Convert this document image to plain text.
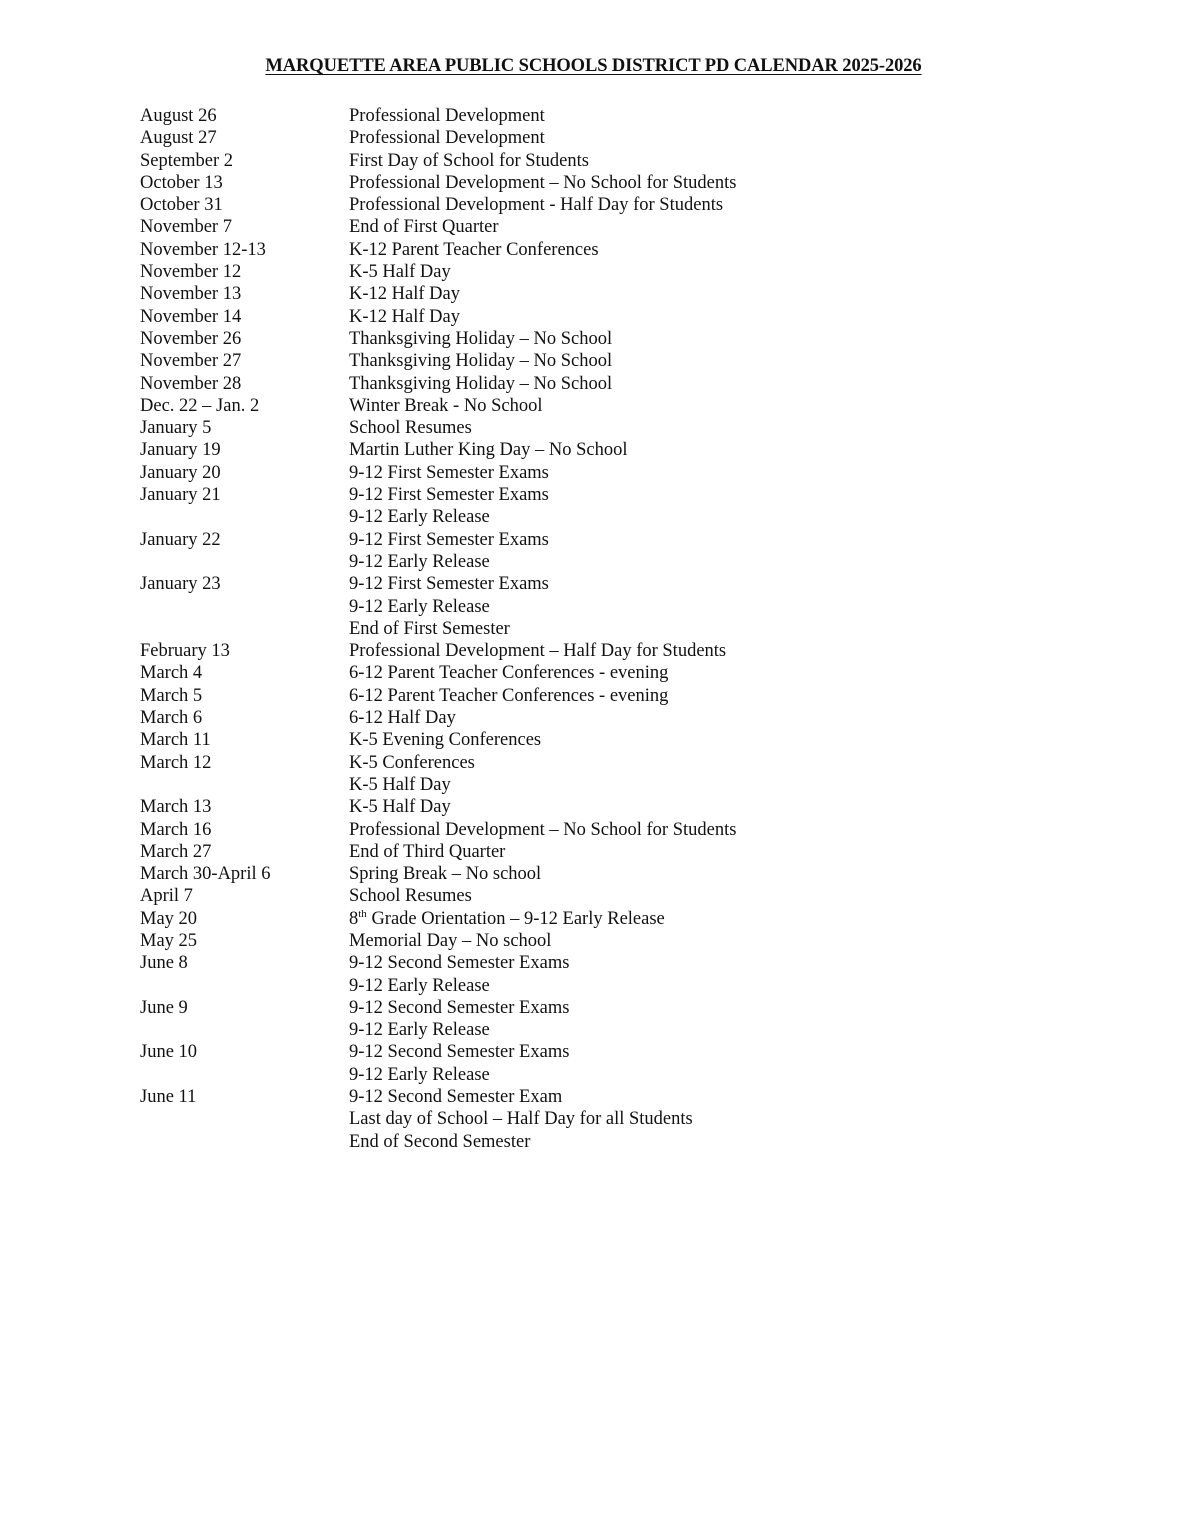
MARQUETTE AREA PUBLIC SCHOOLS DISTRICT PD CALENDAR 2025-2026
August 26	Professional Development
August 27	Professional Development
September 2	First Day of School for Students
October 13	Professional Development – No School for Students
October 31	Professional Development - Half Day for Students
November 7	End of First Quarter
November 12-13	K-12 Parent Teacher Conferences
November 12	K-5 Half Day
November 13	K-12 Half Day
November 14	K-12 Half Day
November 26	Thanksgiving Holiday – No School
November 27	Thanksgiving Holiday – No School
November 28	Thanksgiving Holiday – No School
Dec. 22 – Jan. 2	Winter Break - No School
January 5	School Resumes
January 19	Martin Luther King Day – No School
January 20	9-12 First Semester Exams
January 21	9-12 First Semester Exams
9-12 Early Release
January 22	9-12 First Semester Exams
9-12 Early Release
January 23	9-12 First Semester Exams
9-12 Early Release
End of First Semester
February 13	Professional Development – Half Day for Students
March 4	6-12 Parent Teacher Conferences - evening
March 5	6-12 Parent Teacher Conferences - evening
March 6	6-12 Half Day
March 11	K-5 Evening Conferences
March 12	K-5 Conferences
K-5 Half Day
March 13	K-5 Half Day
March 16	Professional Development – No School for Students
March 27	End of Third Quarter
March 30-April 6	Spring Break – No school
April 7	School Resumes
May 20	8th Grade Orientation – 9-12 Early Release
May 25	Memorial Day – No school
June 8	9-12 Second Semester Exams
9-12 Early Release
June 9	9-12 Second Semester Exams
9-12 Early Release
June 10	9-12 Second Semester Exams
9-12 Early Release
June 11	9-12 Second Semester Exam
Last day of School – Half Day for all Students
End of Second Semester
